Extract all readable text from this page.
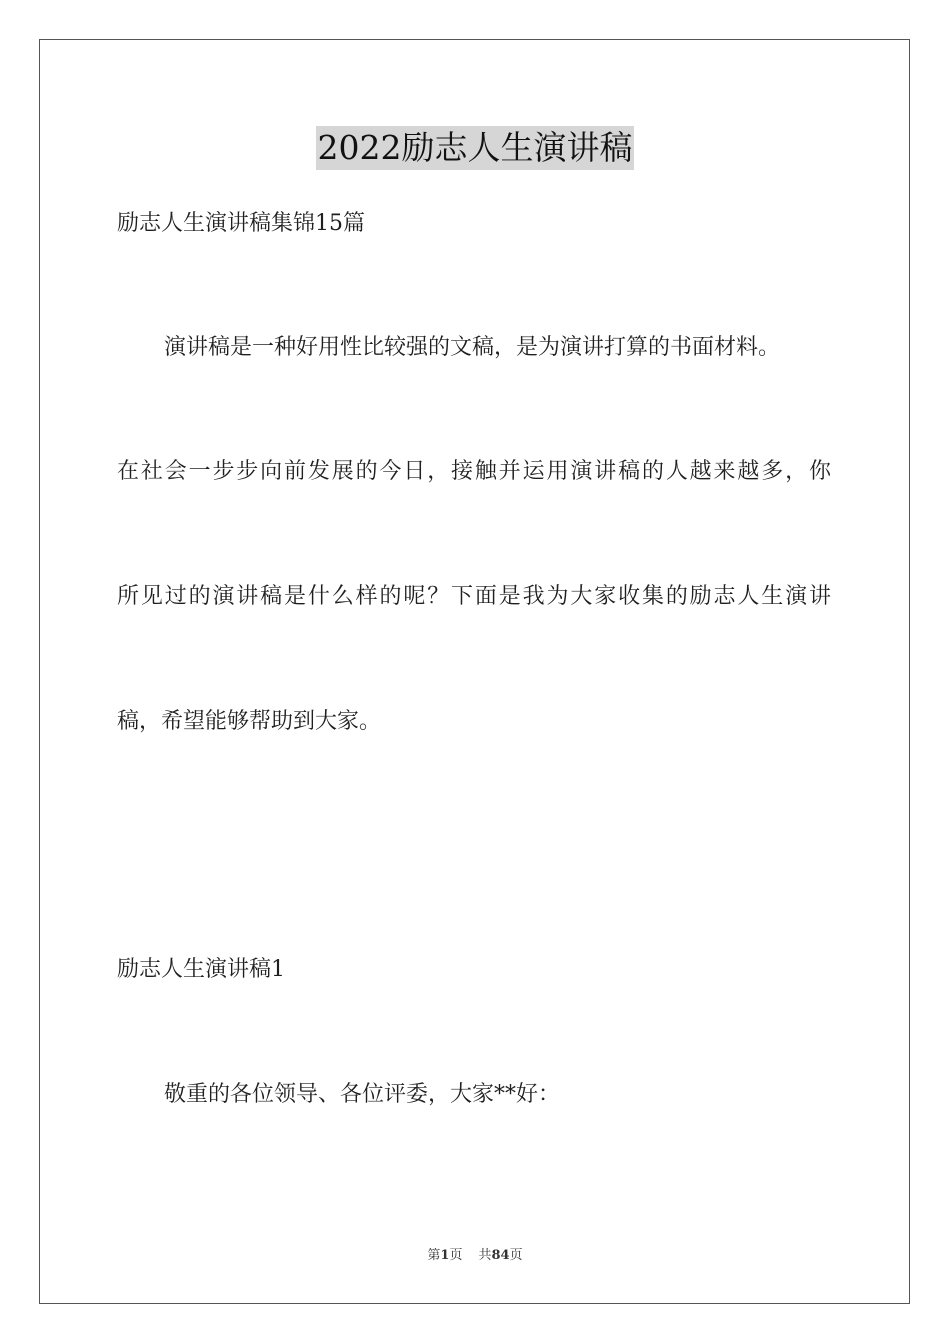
2022励志人生演讲稿
励志人生演讲稿集锦15篇
演讲稿是一种好用性比较强的文稿，是为演讲打算的书面材料。
在社会一步步向前发展的今日，接触并运用演讲稿的人越来越多，你
所见过的演讲稿是什么样的呢？下面是我为大家收集的励志人生演讲
稿，希望能够帮助到大家。
励志人生演讲稿1
敬重的各位领导、各位评委，大家**好：
第1页 共84页
